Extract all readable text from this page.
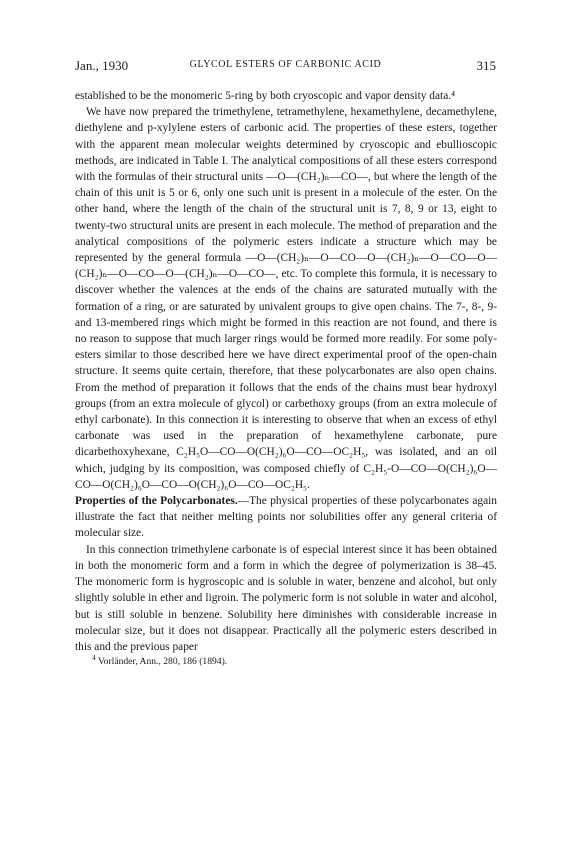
Jan., 1930	GLYCOL ESTERS OF CARBONIC ACID	315

established to be the monomeric 5-ring by both cryoscopic and vapor density data.⁴

We have now prepared the trimethylene, tetramethylene, hexamethylene, decamethylene, diethylene and p-xylylene esters of carbonic acid. The properties of these esters, together with the apparent mean molecular weights determined by cryoscopic and ebullioscopic methods, are indicated in Table I. The analytical compositions of all these esters correspond with the formulas of their structural units —O—(CH₂)ₙ—CO—, but where the length of the chain of this unit is 5 or 6, only one such unit is present in a molecule of the ester. On the other hand, where the length of the chain of the structural unit is 7, 8, 9 or 13, eight to twenty-two structural units are present in each molecule. The method of preparation and the analytical compositions of the polymeric esters indicate a structure which may be represented by the general formula —O—(CH₂)ₙ—O—CO—O—(CH₂)ₙ—O—CO—O—(CH₂)ₙ—O—CO—O—(CH₂)ₙ—O—CO—, etc. To complete this formula, it is necessary to discover whether the valences at the ends of the chains are saturated mutually with the formation of a ring, or are saturated by univalent groups to give open chains. The 7-, 8-, 9- and 13-membered rings which might be formed in this reaction are not found, and there is no reason to suppose that much larger rings would be formed more readily. For some poly-esters similar to those described here we have direct experimental proof of the open-chain structure. It seems quite certain, therefore, that these polycarbonates are also open chains. From the method of preparation it follows that the ends of the chains must bear hydroxyl groups (from an extra molecule of glycol) or carbethoxy groups (from an extra molecule of ethyl carbonate). In this connection it is interesting to observe that when an excess of ethyl carbonate was used in the preparation of hexamethylene carbonate, pure dicarbethoxyhexane, C₂H₅O—CO—O(CH₂)₆O—CO—OC₂H₅, was isolated, and an oil which, judging by its composition, was composed chiefly of C₂H₅-O—CO—O(CH₂)₆O—CO—O(CH₂)₆O—CO—O(CH₂)₆O—CO—OC₂H₅.

Properties of the Polycarbonates.—The physical properties of these polycarbonates again illustrate the fact that neither melting points nor solubilities offer any general criteria of molecular size.

In this connection trimethylene carbonate is of especial interest since it has been obtained in both the monomeric form and a form in which the degree of polymerization is 38–45. The monomeric form is hygroscopic and is soluble in water, benzene and alcohol, but only slightly soluble in ether and ligroin. The polymeric form is not soluble in water and alcohol, but is still soluble in benzene. Solubility here diminishes with considerable increase in molecular size, but it does not disappear. Practically all the polymeric esters described in this and the previous paper

$^4$ Vorländer, Ann., 280, 186 (1894).
